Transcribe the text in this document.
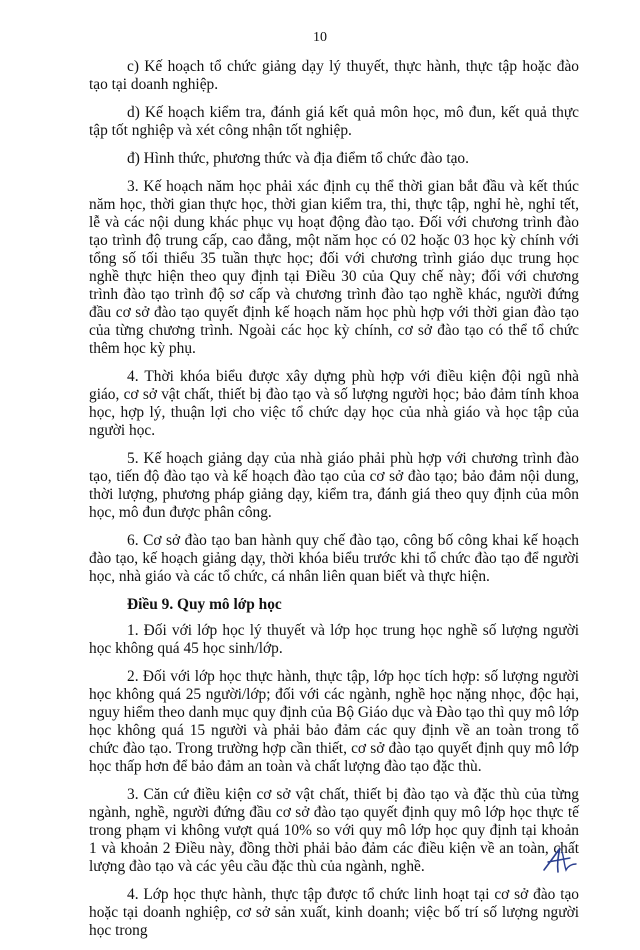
10

c) Kế hoạch tổ chức giảng dạy lý thuyết, thực hành, thực tập hoặc đào tạo tại doanh nghiệp.

d) Kế hoạch kiểm tra, đánh giá kết quả môn học, mô đun, kết quả thực tập tốt nghiệp và xét công nhận tốt nghiệp.

đ) Hình thức, phương thức và địa điểm tổ chức đào tạo.

3. Kế hoạch năm học phải xác định cụ thể thời gian bắt đầu và kết thúc năm học, thời gian thực học, thời gian kiểm tra, thi, thực tập, nghỉ hè, nghỉ tết, lễ và các nội dung khác phục vụ hoạt động đào tạo. Đối với chương trình đào tạo trình độ trung cấp, cao đẳng, một năm học có 02 hoặc 03 học kỳ chính với tổng số tối thiểu 35 tuần thực học; đối với chương trình giáo dục trung học nghề thực hiện theo quy định tại Điều 30 của Quy chế này; đối với chương trình đào tạo trình độ sơ cấp và chương trình đào tạo nghề khác, người đứng đầu cơ sở đào tạo quyết định kế hoạch năm học phù hợp với thời gian đào tạo của từng chương trình. Ngoài các học kỳ chính, cơ sở đào tạo có thể tổ chức thêm học kỳ phụ.

4. Thời khóa biểu được xây dựng phù hợp với điều kiện đội ngũ nhà giáo, cơ sở vật chất, thiết bị đào tạo và số lượng người học; bảo đảm tính khoa học, hợp lý, thuận lợi cho việc tổ chức dạy học của nhà giáo và học tập của người học.

5. Kế hoạch giảng dạy của nhà giáo phải phù hợp với chương trình đào tạo, tiến độ đào tạo và kế hoạch đào tạo của cơ sở đào tạo; bảo đảm nội dung, thời lượng, phương pháp giảng dạy, kiểm tra, đánh giá theo quy định của môn học, mô đun được phân công.

6. Cơ sở đào tạo ban hành quy chế đào tạo, công bố công khai kế hoạch đào tạo, kế hoạch giảng dạy, thời khóa biểu trước khi tổ chức đào tạo để người học, nhà giáo và các tổ chức, cá nhân liên quan biết và thực hiện.

Điều 9. Quy mô lớp học

1. Đối với lớp học lý thuyết và lớp học trung học nghề số lượng người học không quá 45 học sinh/lớp.

2. Đối với lớp học thực hành, thực tập, lớp học tích hợp: số lượng người học không quá 25 người/lớp; đối với các ngành, nghề học nặng nhọc, độc hại, nguy hiểm theo danh mục quy định của Bộ Giáo dục và Đào tạo thì quy mô lớp học không quá 15 người và phải bảo đảm các quy định về an toàn trong tổ chức đào tạo. Trong trường hợp cần thiết, cơ sở đào tạo quyết định quy mô lớp học thấp hơn để bảo đảm an toàn và chất lượng đào tạo đặc thù.

3. Căn cứ điều kiện cơ sở vật chất, thiết bị đào tạo và đặc thù của từng ngành, nghề, người đứng đầu cơ sở đào tạo quyết định quy mô lớp học thực tế trong phạm vi không vượt quá 10% so với quy mô lớp học quy định tại khoản 1 và khoản 2 Điều này, đồng thời phải bảo đảm các điều kiện về an toàn, chất lượng đào tạo và các yêu cầu đặc thù của ngành, nghề.

4. Lớp học thực hành, thực tập được tổ chức linh hoạt tại cơ sở đào tạo hoặc tại doanh nghiệp, cơ sở sản xuất, kinh doanh; việc bố trí số lượng người học trong
